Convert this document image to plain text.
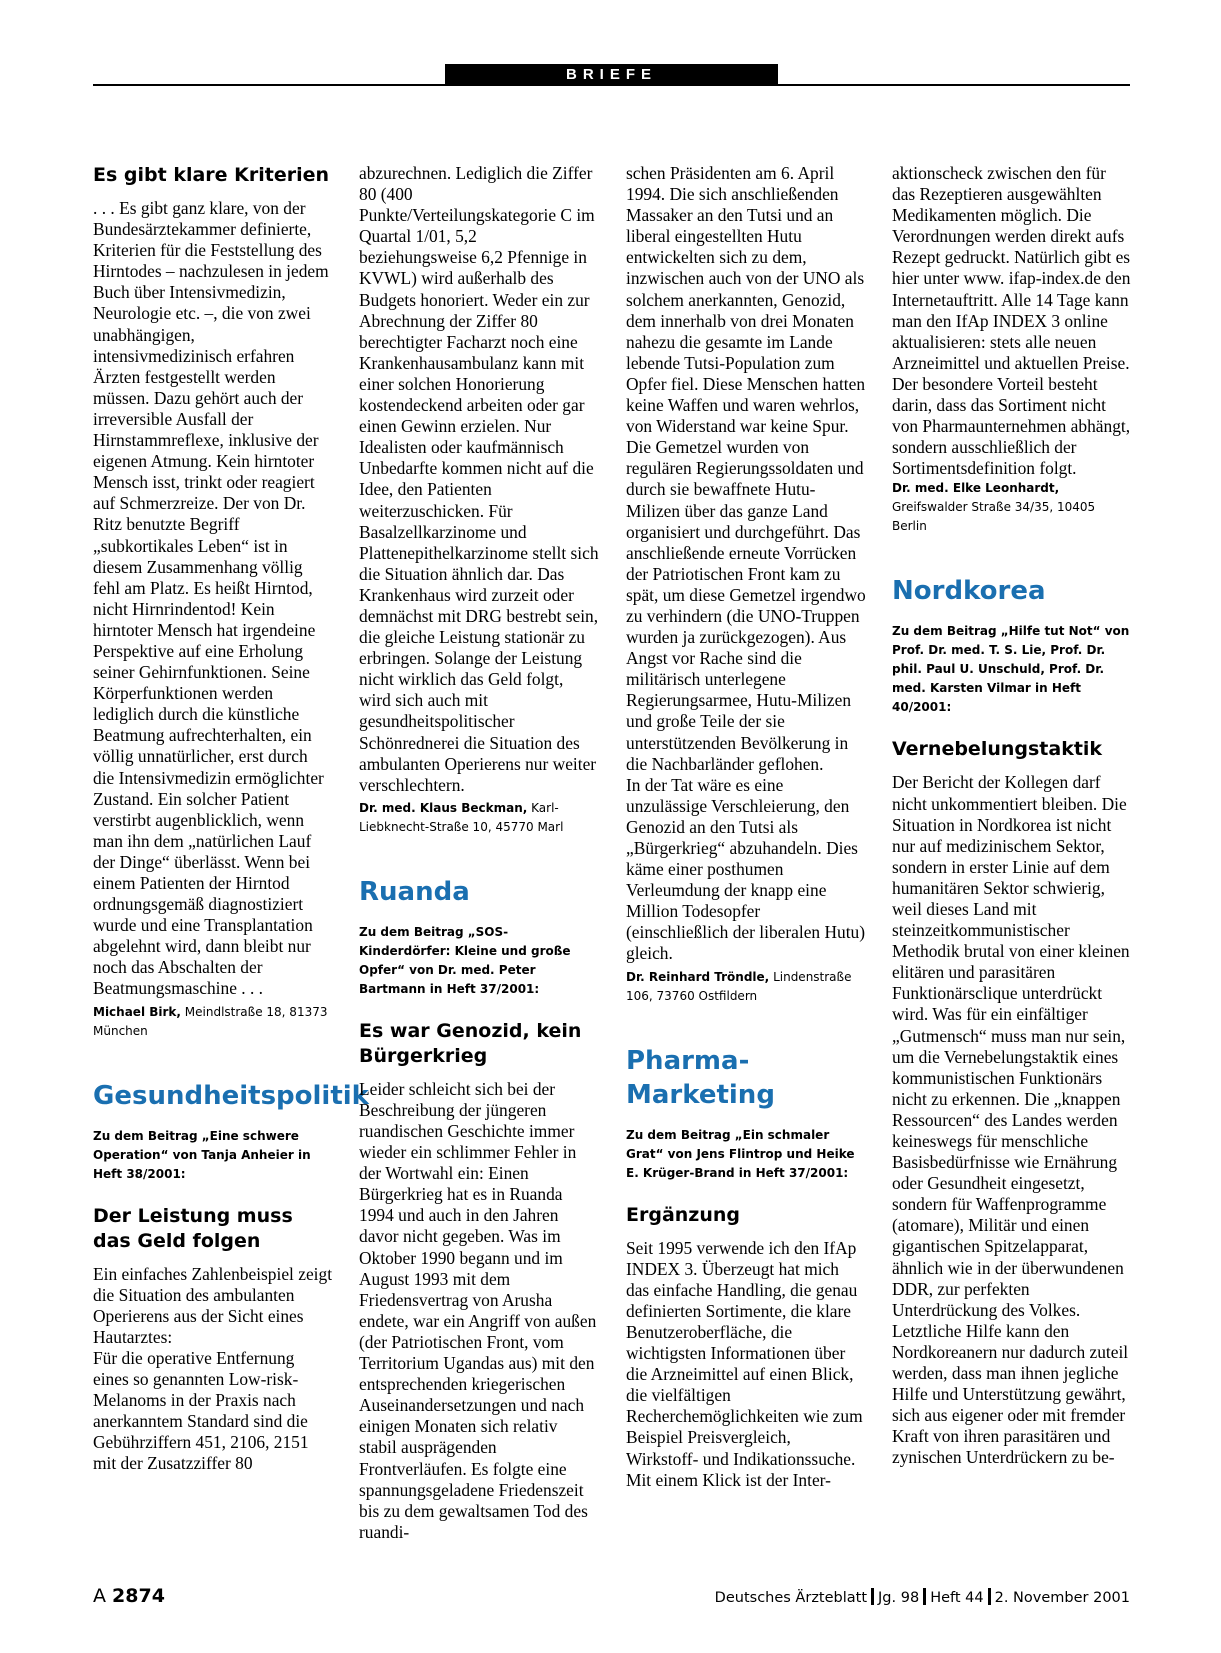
BRIEFE
Es gibt klare Kriterien

. . . Es gibt ganz klare, von der Bundesärztekammer definierte, Kriterien für die Feststellung des Hirntodes – nachzulesen in jedem Buch über Intensivmedizin, Neurologie etc. –, die von zwei unabhängigen, intensivmedizinisch erfahren Ärzten festgestellt werden müssen. Dazu gehört auch der irreversible Ausfall der Hirnstammreflexe, inklusive der eigenen Atmung. Kein hirntoter Mensch isst, trinkt oder reagiert auf Schmerzreize. Der von Dr. Ritz benutzte Begriff „subkortikales Leben“ ist in diesem Zusammenhang völlig fehl am Platz. Es heißt Hirntod, nicht Hirnrindentod! Kein hirntoter Mensch hat irgendeine Perspektive auf eine Erholung seiner Gehirnfunktionen. Seine Körperfunktionen werden lediglich durch die künstliche Beatmung aufrechterhalten, ein völlig unnatürlicher, erst durch die Intensivmedizin ermöglichter Zustand. Ein solcher Patient verstirbt augenblicklich, wenn man ihn dem „natürlichen Lauf der Dinge“ überlässt. Wenn bei einem Patienten der Hirntod ordnungsgemäß diagnostiziert wurde und eine Transplantation abgelehnt wird, dann bleibt nur noch das Abschalten der Beatmungsmaschine . . .

Michael Birk, Meindlstraße 18, 81373 München

Gesundheitspolitik

Zu dem Beitrag „Eine schwere Operation“ von Tanja Anheier in Heft 38/2001:

Der Leistung muss das Geld folgen

Ein einfaches Zahlenbeispiel zeigt die Situation des ambulanten Operierens aus der Sicht eines Hautarztes:

Für die operative Entfernung eines so genannten Low-risk-Melanoms in der Praxis nach anerkanntem Standard sind die Gebührziffern 451, 2106, 2151 mit der Zusatzziffer 80

abzurechnen. Lediglich die Ziffer 80 (400 Punkte/Verteilungskategorie C im Quartal 1/01, 5,2 beziehungsweise 6,2 Pfennige in KVWL) wird außerhalb des Budgets honoriert. Weder ein zur Abrechnung der Ziffer 80 berechtigter Facharzt noch eine Krankenhausambulanz kann mit einer solchen Honorierung kostendeckend arbeiten oder gar einen Gewinn erzielen. Nur Idealisten oder kaufmännisch Unbedarfte kommen nicht auf die Idee, den Patienten weiterzuschicken. Für Basalzellkarzinome und Plattenepithelkarzinome stellt sich die Situation ähnlich dar. Das Krankenhaus wird zurzeit oder demnächst mit DRG bestrebt sein, die gleiche Leistung stationär zu erbringen. Solange der Leistung nicht wirklich das Geld folgt, wird sich auch mit gesundheitspolitischer Schönrednerei die Situation des ambulanten Operierens nur weiter verschlechtern.

Dr. med. Klaus Beckman, Karl-Liebknecht-Straße 10, 45770 Marl

Ruanda

Zu dem Beitrag „SOS-Kinderdörfer: Kleine und große Opfer“ von Dr. med. Peter Bartmann in Heft 37/2001:

Es war Genozid, kein Bürgerkrieg

Leider schleicht sich bei der Beschreibung der jüngeren ruandischen Geschichte immer wieder ein schlimmer Fehler in der Wortwahl ein: Einen Bürgerkrieg hat es in Ruanda 1994 und auch in den Jahren davor nicht gegeben. Was im Oktober 1990 begann und im August 1993 mit dem Friedensvertrag von Arusha endete, war ein Angriff von außen (der Patriotischen Front, vom Territorium Ugandas aus) mit den entsprechenden kriegerischen Auseinandersetzungen und nach einigen Monaten sich relativ stabil ausprägenden Frontverläufen. Es folgte eine spannungsgeladene Friedenszeit bis zu dem gewaltsamen Tod des ruandi-

schen Präsidenten am 6. April 1994. Die sich anschließenden Massaker an den Tutsi und an liberal eingestellten Hutu entwickelten sich zu dem, inzwischen auch von der UNO als solchem anerkannten, Genozid, dem innerhalb von drei Monaten nahezu die gesamte im Lande lebende Tutsi-Population zum Opfer fiel. Diese Menschen hatten keine Waffen und waren wehrlos, von Widerstand war keine Spur. Die Gemetzel wurden von regulären Regierungssoldaten und durch sie bewaffnete Hutu-Milizen über das ganze Land organisiert und durchgeführt. Das anschließende erneute Vorrücken der Patriotischen Front kam zu spät, um diese Gemetzel irgendwo zu verhindern (die UNO-Truppen wurden ja zurückgezogen). Aus Angst vor Rache sind die militärisch unterlegene Regierungsarmee, Hutu-Milizen und große Teile der sie unterstützenden Bevölkerung in die Nachbarländer geflohen.

In der Tat wäre es eine unzulässige Verschleierung, den Genozid an den Tutsi als „Bürgerkrieg“ abzuhandeln. Dies käme einer posthumen Verleumdung der knapp eine Million Todesopfer (einschließlich der liberalen Hutu) gleich.

Dr. Reinhard Tröndle, Lindenstraße 106, 73760 Ostfildern

Pharma-Marketing

Zu dem Beitrag „Ein schmaler Grat“ von Jens Flintrop und Heike E. Krüger-Brand in Heft 37/2001:

Ergänzung

Seit 1995 verwende ich den IfAp INDEX 3. Überzeugt hat mich das einfache Handling, die genau definierten Sortimente, die klare Benutzeroberfläche, die wichtigsten Informationen über die Arzneimittel auf einen Blick, die vielfältigen Recherchemöglichkeiten wie zum Beispiel Preisvergleich, Wirkstoff- und Indikationssuche. Mit einem Klick ist der Inter-

aktionscheck zwischen den für das Rezeptieren ausgewählten Medikamenten möglich. Die Verordnungen werden direkt aufs Rezept gedruckt. Natürlich gibt es hier unter www. ifap-index.de den Internetauftritt. Alle 14 Tage kann man den IfAp INDEX 3 online aktualisieren: stets alle neuen Arzneimittel und aktuellen Preise. Der besondere Vorteil besteht darin, dass das Sortiment nicht von Pharmaunternehmen abhängt, sondern ausschließlich der Sortimentsdefinition folgt.

Dr. med. Elke Leonhardt,
Greifswalder Straße 34/35, 10405 Berlin

Nordkorea

Zu dem Beitrag „Hilfe tut Not“ von Prof. Dr. med. T. S. Lie, Prof. Dr. phil. Paul U. Unschuld, Prof. Dr. med. Karsten Vilmar in Heft 40/2001:

Vernebelungstaktik

Der Bericht der Kollegen darf nicht unkommentiert bleiben. Die Situation in Nordkorea ist nicht nur auf medizinischem Sektor, sondern in erster Linie auf dem humanitären Sektor schwierig, weil dieses Land mit steinzeitkommunistischer Methodik brutal von einer kleinen elitären und parasitären Funktionärsclique unterdrückt wird. Was für ein einfältiger „Gutmensch“ muss man nur sein, um die Vernebelungstaktik eines kommunistischen Funktionärs nicht zu erkennen. Die „knappen Ressourcen“ des Landes werden keineswegs für menschliche Basisbedürfnisse wie Ernährung oder Gesundheit eingesetzt, sondern für Waffenprogramme (atomare), Militär und einen gigantischen Spitzelapparat, ähnlich wie in der überwundenen DDR, zur perfekten Unterdrückung des Volkes. Letztliche Hilfe kann den Nordkoreanern nur dadurch zuteil werden, dass man ihnen jegliche Hilfe und Unterstützung gewährt, sich aus eigener oder mit fremder Kraft von ihren parasitären und zynischen Unterdrückern zu be-

A 2874	Deutsches Ärzteblatt Jg. 98 Heft 44 2. November 2001
